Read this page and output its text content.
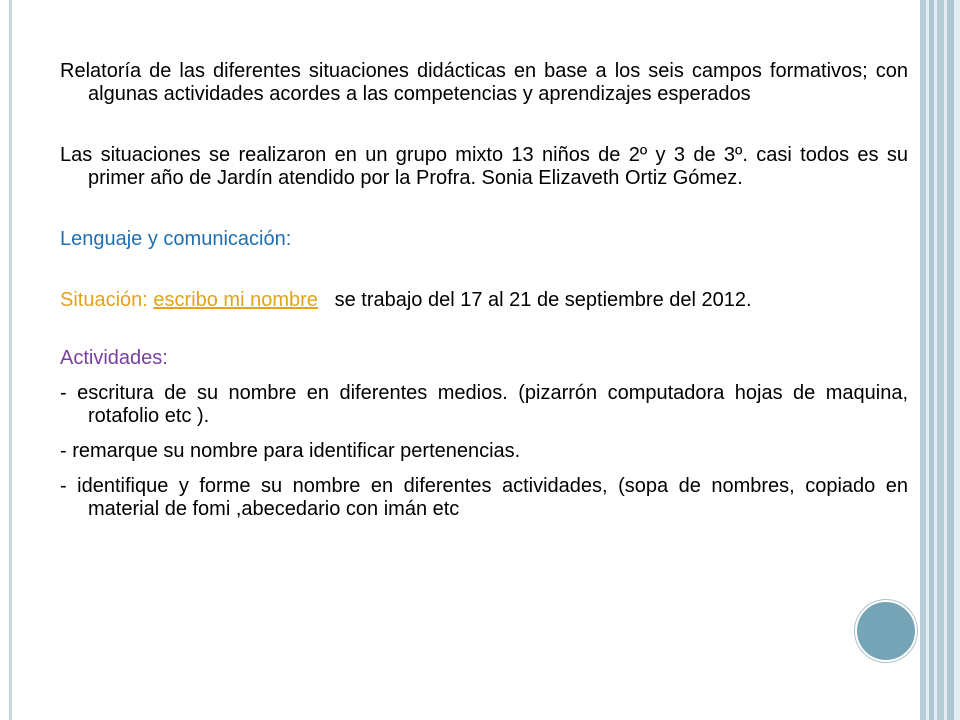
Relatoría de las diferentes situaciones didácticas en base a los seis campos formativos; con algunas actividades acordes a las competencias y aprendizajes esperados

Las situaciones se realizaron en un grupo mixto 13 niños de 2º y 3 de 3º. casi todos es su primer año de Jardín atendido por la Profra. Sonia Elizaveth Ortiz Gómez.

Lenguaje y comunicación:

Situación: escribo mi nombre se trabajo del 17 al 21 de septiembre del 2012.

Actividades:

- escritura de su nombre en diferentes medios. (pizarrón computadora hojas de maquina, rotafolio etc ).

- remarque su nombre para identificar pertenencias.

- identifique y forme su nombre en diferentes actividades, (sopa de nombres, copiado en material de fomi ,abecedario con imán etc
